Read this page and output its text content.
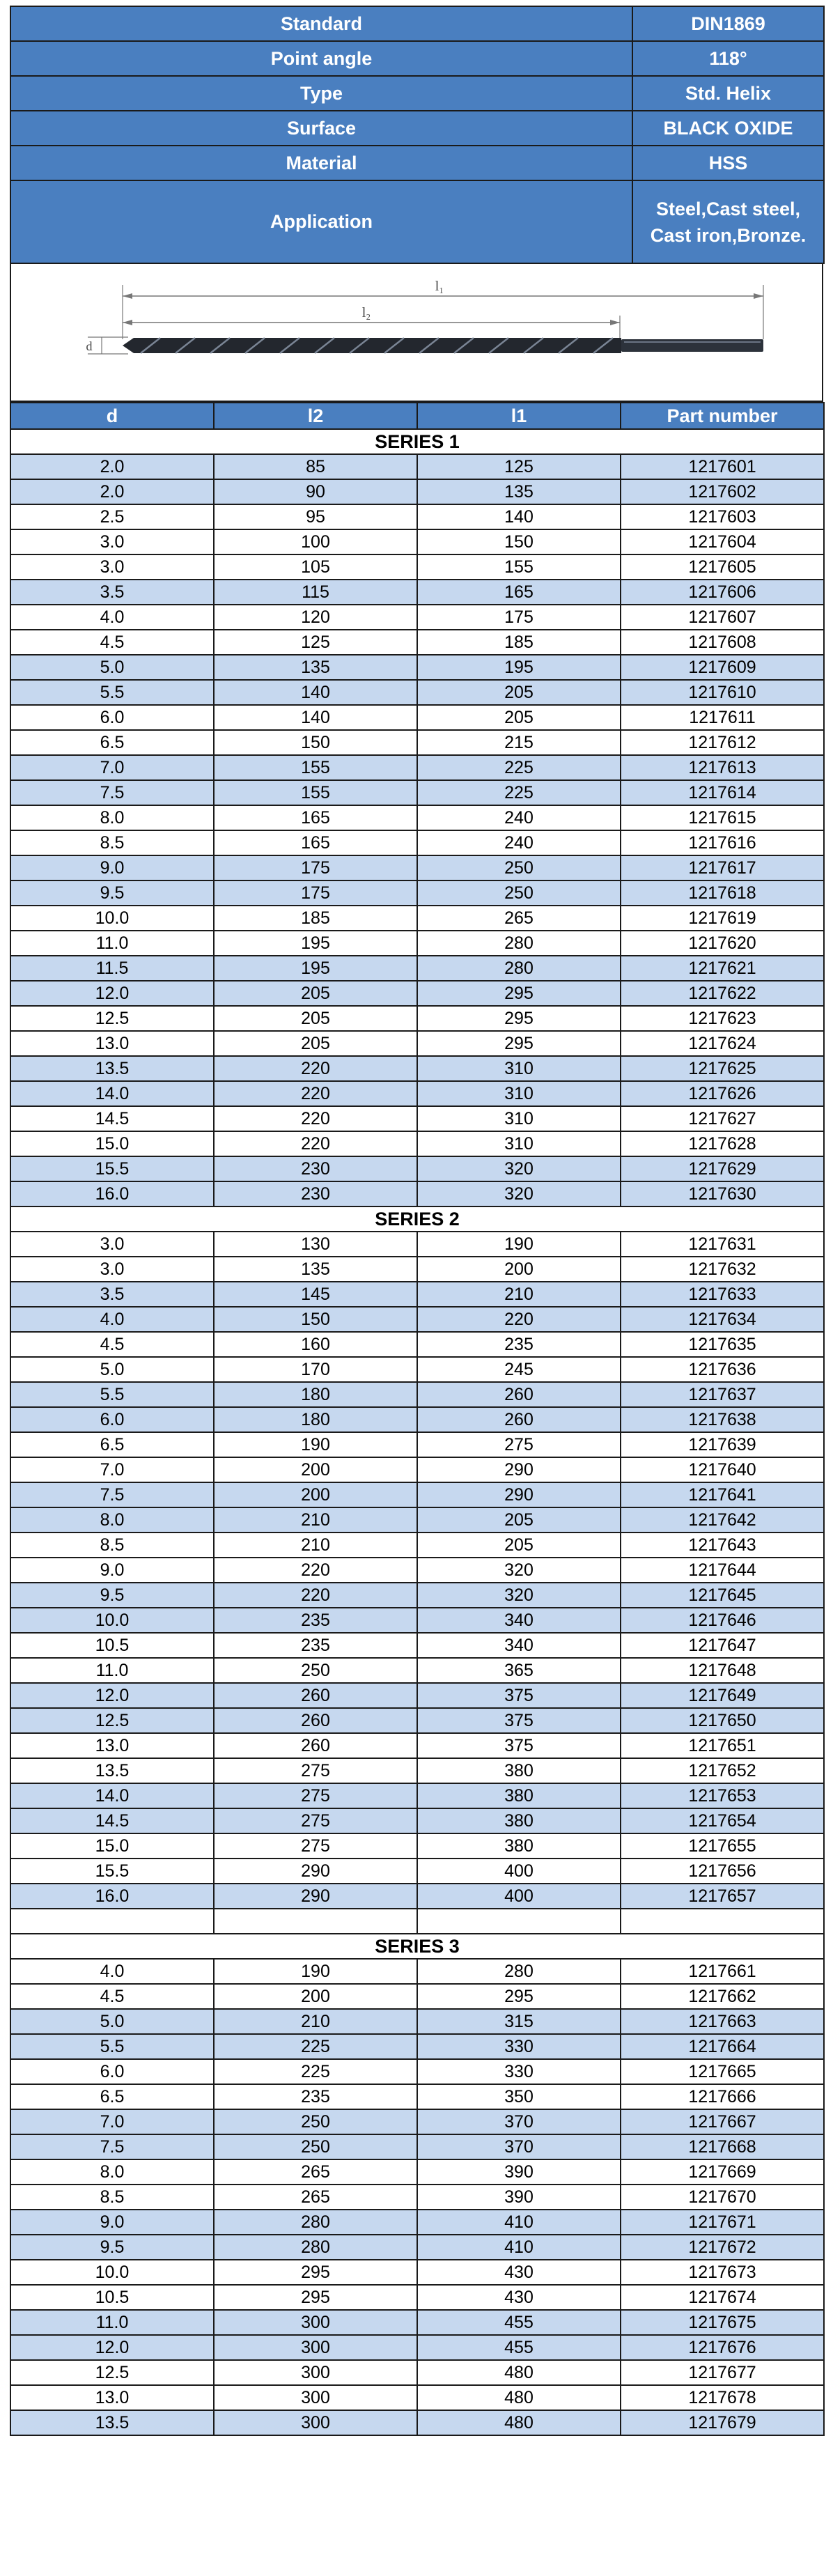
Standard	DIN1869
Point angle	118°
Type	Std. Helix
Surface	BLACK OXIDE
Material	HSS
Application	Steel,Cast steel, Cast iron,Bronze.
l₁
l₂
d
d	l2	l1	Part number
SERIES 1			
2.0	85	125	1217601
2.0	90	135	1217602
2.5	95	140	1217603
3.0	100	150	1217604
3.0	105	155	1217605
3.5	115	165	1217606
4.0	120	175	1217607
4.5	125	185	1217608
5.0	135	195	1217609
5.5	140	205	1217610
6.0	140	205	1217611
6.5	150	215	1217612
7.0	155	225	1217613
7.5	155	225	1217614
8.0	165	240	1217615
8.5	165	240	1217616
9.0	175	250	1217617
9.5	175	250	1217618
10.0	185	265	1217619
11.0	195	280	1217620
11.5	195	280	1217621
12.0	205	295	1217622
12.5	205	295	1217623
13.0	205	295	1217624
13.5	220	310	1217625
14.0	220	310	1217626
14.5	220	310	1217627
15.0	220	310	1217628
15.5	230	320	1217629
16.0	230	320	1217630
SERIES 2			
3.0	130	190	1217631
3.0	135	200	1217632
3.5	145	210	1217633
4.0	150	220	1217634
4.5	160	235	1217635
5.0	170	245	1217636
5.5	180	260	1217637
6.0	180	260	1217638
6.5	190	275	1217639
7.0	200	290	1217640
7.5	200	290	1217641
8.0	210	205	1217642
8.5	210	205	1217643
9.0	220	320	1217644
9.5	220	320	1217645
10.0	235	340	1217646
10.5	235	340	1217647
11.0	250	365	1217648
12.0	260	375	1217649
12.5	260	375	1217650
13.0	260	375	1217651
13.5	275	380	1217652
14.0	275	380	1217653
14.5	275	380	1217654
15.0	275	380	1217655
15.5	290	400	1217656
16.0	290	400	1217657

SERIES 3			
4.0	190	280	1217661
4.5	200	295	1217662
5.0	210	315	1217663
5.5	225	330	1217664
6.0	225	330	1217665
6.5	235	350	1217666
7.0	250	370	1217667
7.5	250	370	1217668
8.0	265	390	1217669
8.5	265	390	1217670
9.0	280	410	1217671
9.5	280	410	1217672
10.0	295	430	1217673
10.5	295	430	1217674
11.0	300	455	1217675
12.0	300	455	1217676
12.5	300	480	1217677
13.0	300	480	1217678
13.5	300	480	1217679
